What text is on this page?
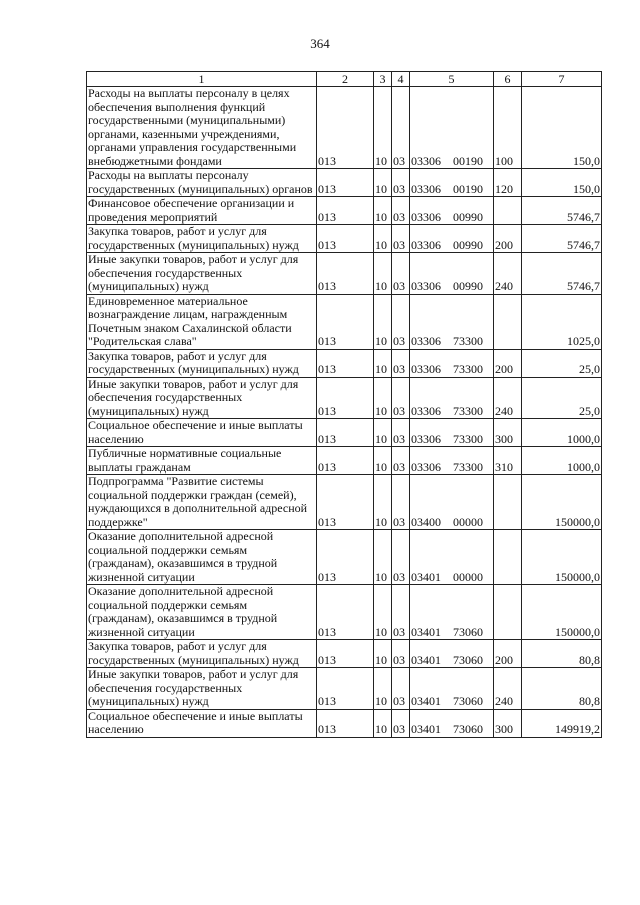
364
1	2	3	4	5	6	7
Расходы на выплаты персоналу в целях обеспечения выполнения функций государственными (муниципальными) органами, казенными учреждениями, органами управления государственными внебюджетными фондами	013	10	03	03306 00190	100	150,0
Расходы на выплаты персоналу государственных (муниципальных) органов	013	10	03	03306 00190	120	150,0
Финансовое обеспечение организации и проведения мероприятий	013	10	03	03306 00990		5746,7
Закупка товаров, работ и услуг для государственных (муниципальных) нужд	013	10	03	03306 00990	200	5746,7
Иные закупки товаров, работ и услуг для обеспечения государственных (муниципальных) нужд	013	10	03	03306 00990	240	5746,7
Единовременное материальное вознаграждение лицам, награжденным Почетным знаком Сахалинской области "Родительская слава"	013	10	03	03306 73300		1025,0
Закупка товаров, работ и услуг для государственных (муниципальных) нужд	013	10	03	03306 73300	200	25,0
Иные закупки товаров, работ и услуг для обеспечения государственных (муниципальных) нужд	013	10	03	03306 73300	240	25,0
Социальное обеспечение и иные выплаты населению	013	10	03	03306 73300	300	1000,0
Публичные нормативные социальные выплаты гражданам	013	10	03	03306 73300	310	1000,0
Подпрограмма "Развитие системы социальной поддержки граждан (семей), нуждающихся в дополнительной адресной поддержке"	013	10	03	03400 00000		150000,0
Оказание дополнительной адресной социальной поддержки семьям (гражданам), оказавшимся в трудной жизненной ситуации	013	10	03	03401 00000		150000,0
Оказание дополнительной адресной социальной поддержки семьям (гражданам), оказавшимся в трудной жизненной ситуации	013	10	03	03401 73060		150000,0
Закупка товаров, работ и услуг для государственных (муниципальных) нужд	013	10	03	03401 73060	200	80,8
Иные закупки товаров, работ и услуг для обеспечения государственных (муниципальных) нужд	013	10	03	03401 73060	240	80,8
Социальное обеспечение и иные выплаты населению	013	10	03	03401 73060	300	149919,2
